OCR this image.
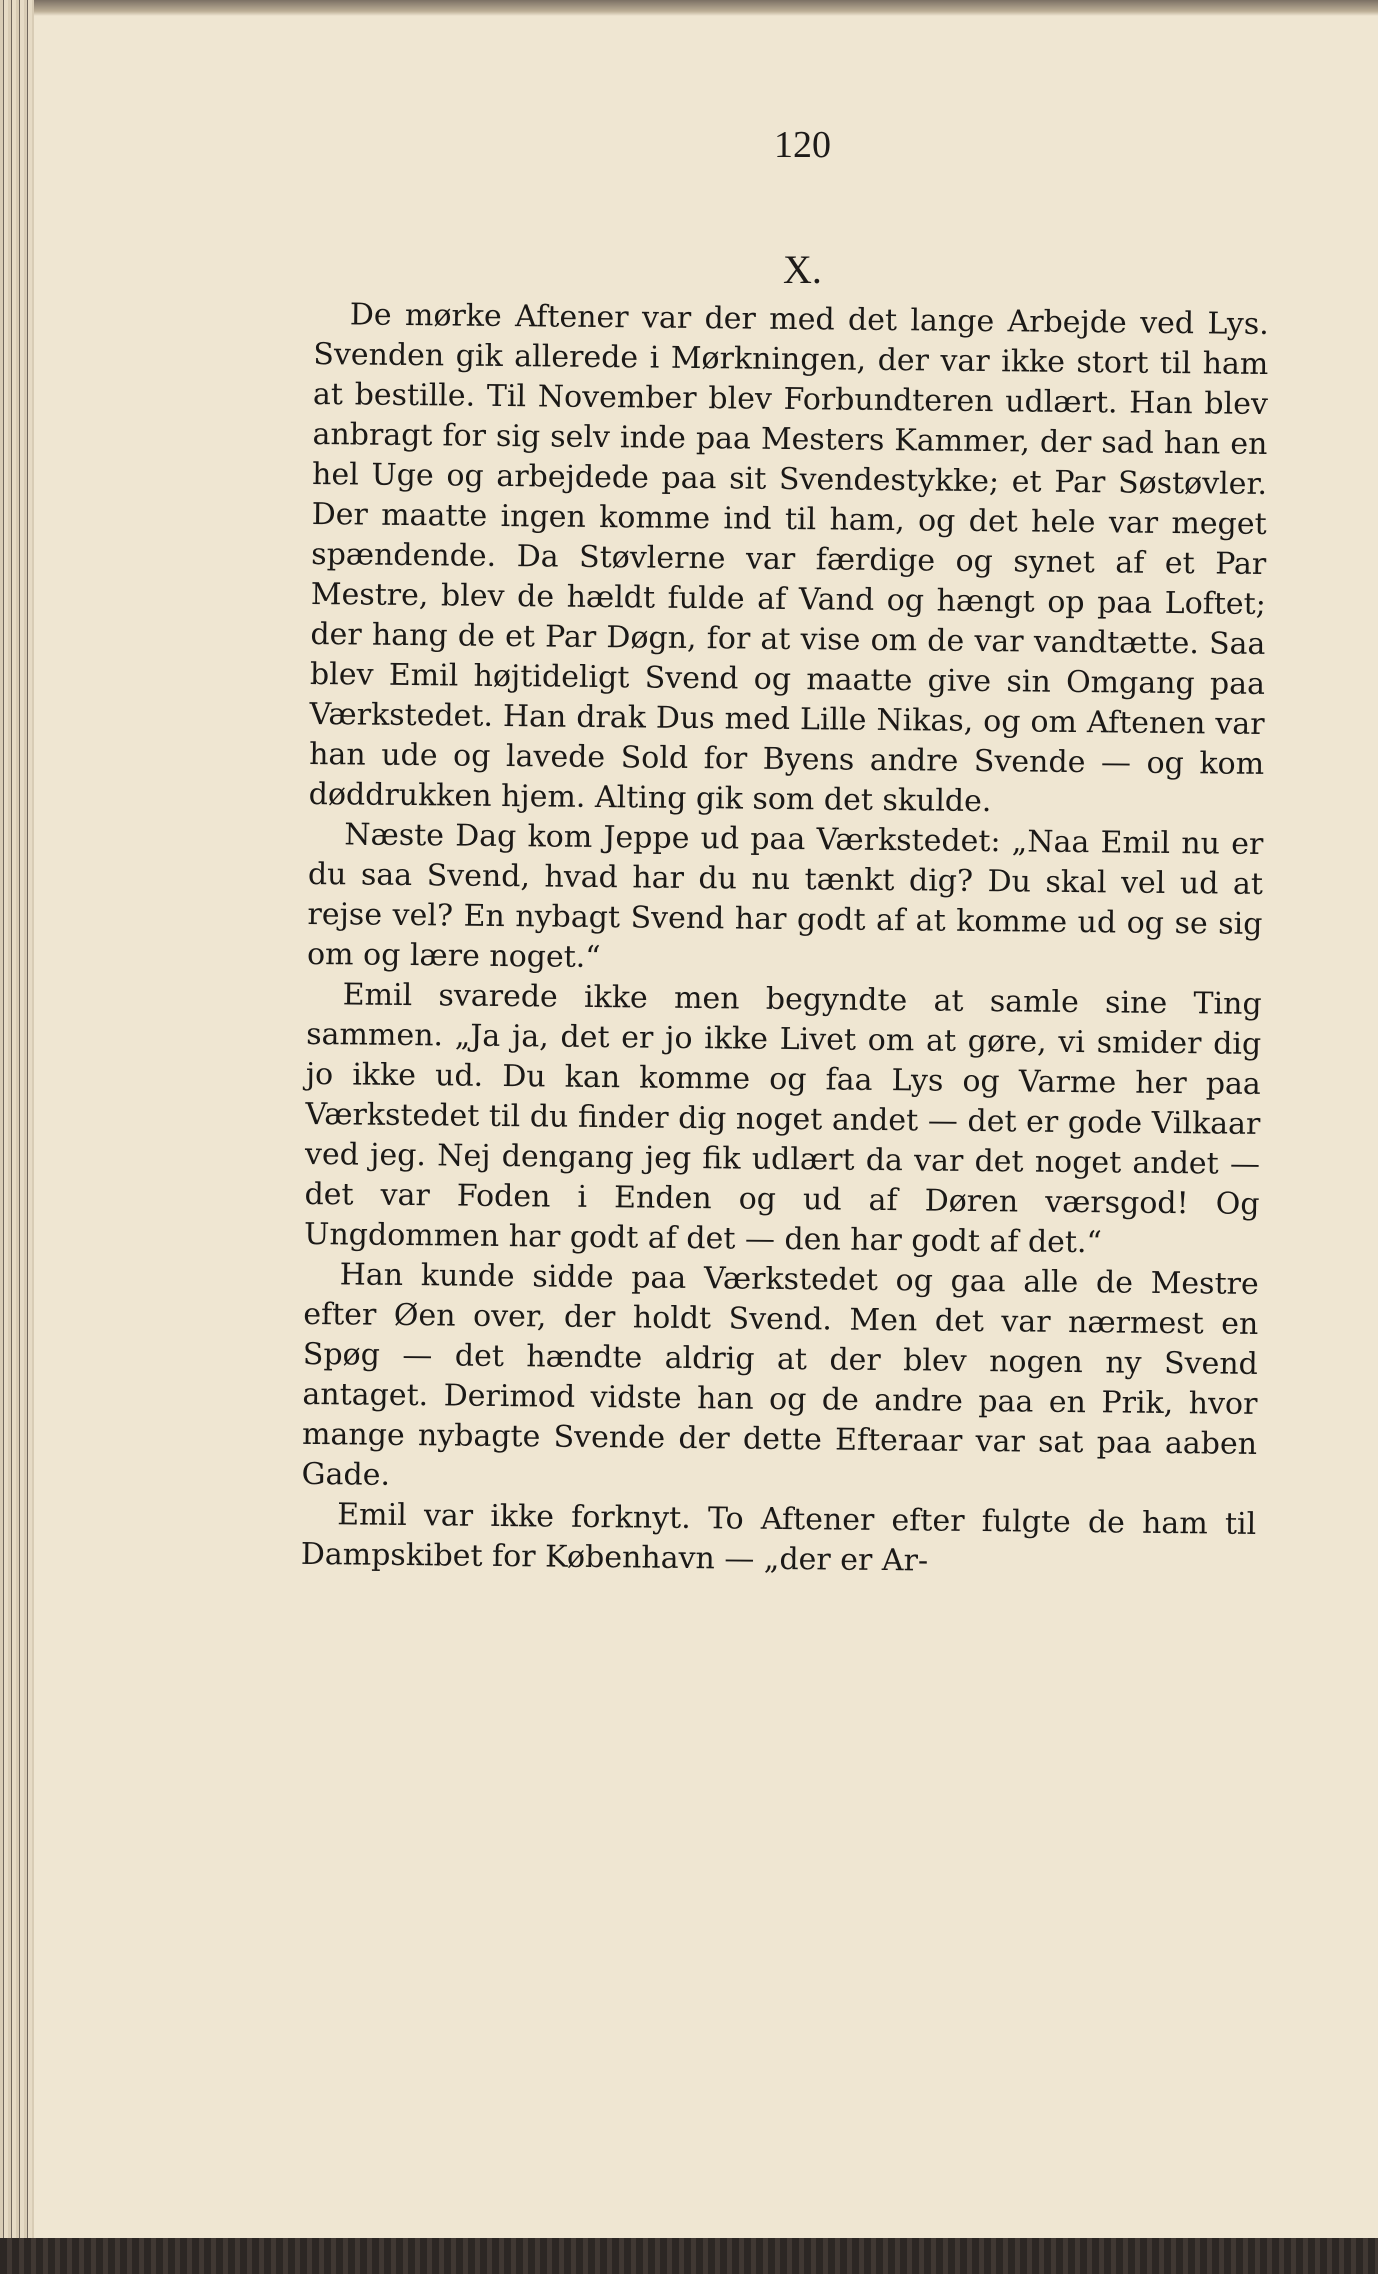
120
X.

De mørke Aftener var der med det lange Arbejde ved Lys. Svenden gik allerede i Mørkningen, der var ikke stort til ham at bestille. Til November blev Forbundteren udlært. Han blev anbragt for sig selv inde paa Mesters Kammer, der sad han en hel Uge og arbejdede paa sit Svendestykke; et Par Søstøvler. Der maatte ingen komme ind til ham, og det hele var meget spændende. Da Støvlerne var færdige og synet af et Par Mestre, blev de hældt fulde af Vand og hængt op paa Loftet; der hang de et Par Døgn, for at vise om de var vandtætte. Saa blev Emil højtideligt Svend og maatte give sin Omgang paa Værkstedet. Han drak Dus med Lille Nikas, og om Aftenen var han ude og lavede Sold for Byens andre Svende — og kom døddrukken hjem. Alting gik som det skulde.

Næste Dag kom Jeppe ud paa Værkstedet: „Naa Emil nu er du saa Svend, hvad har du nu tænkt dig? Du skal vel ud at rejse vel? En nybagt Svend har godt af at komme ud og se sig om og lære noget.“

Emil svarede ikke men begyndte at samle sine Ting sammen. „Ja ja, det er jo ikke Livet om at gøre, vi smider dig jo ikke ud. Du kan komme og faa Lys og Varme her paa Værkstedet til du finder dig noget andet — det er gode Vilkaar ved jeg. Nej dengang jeg fik udlært da var det noget andet — det var Foden i Enden og ud af Døren værsgod! Og Ungdommen har godt af det — den har godt af det.“

Han kunde sidde paa Værkstedet og gaa alle de Mestre efter Øen over, der holdt Svend. Men det var nærmest en Spøg — det hændte aldrig at der blev nogen ny Svend antaget. Derimod vidste han og de andre paa en Prik, hvor mange nybagte Svende der dette Efteraar var sat paa aaben Gade.

Emil var ikke forknyt. To Aftener efter fulgte de ham til Dampskibet for København — „der er Ar-
